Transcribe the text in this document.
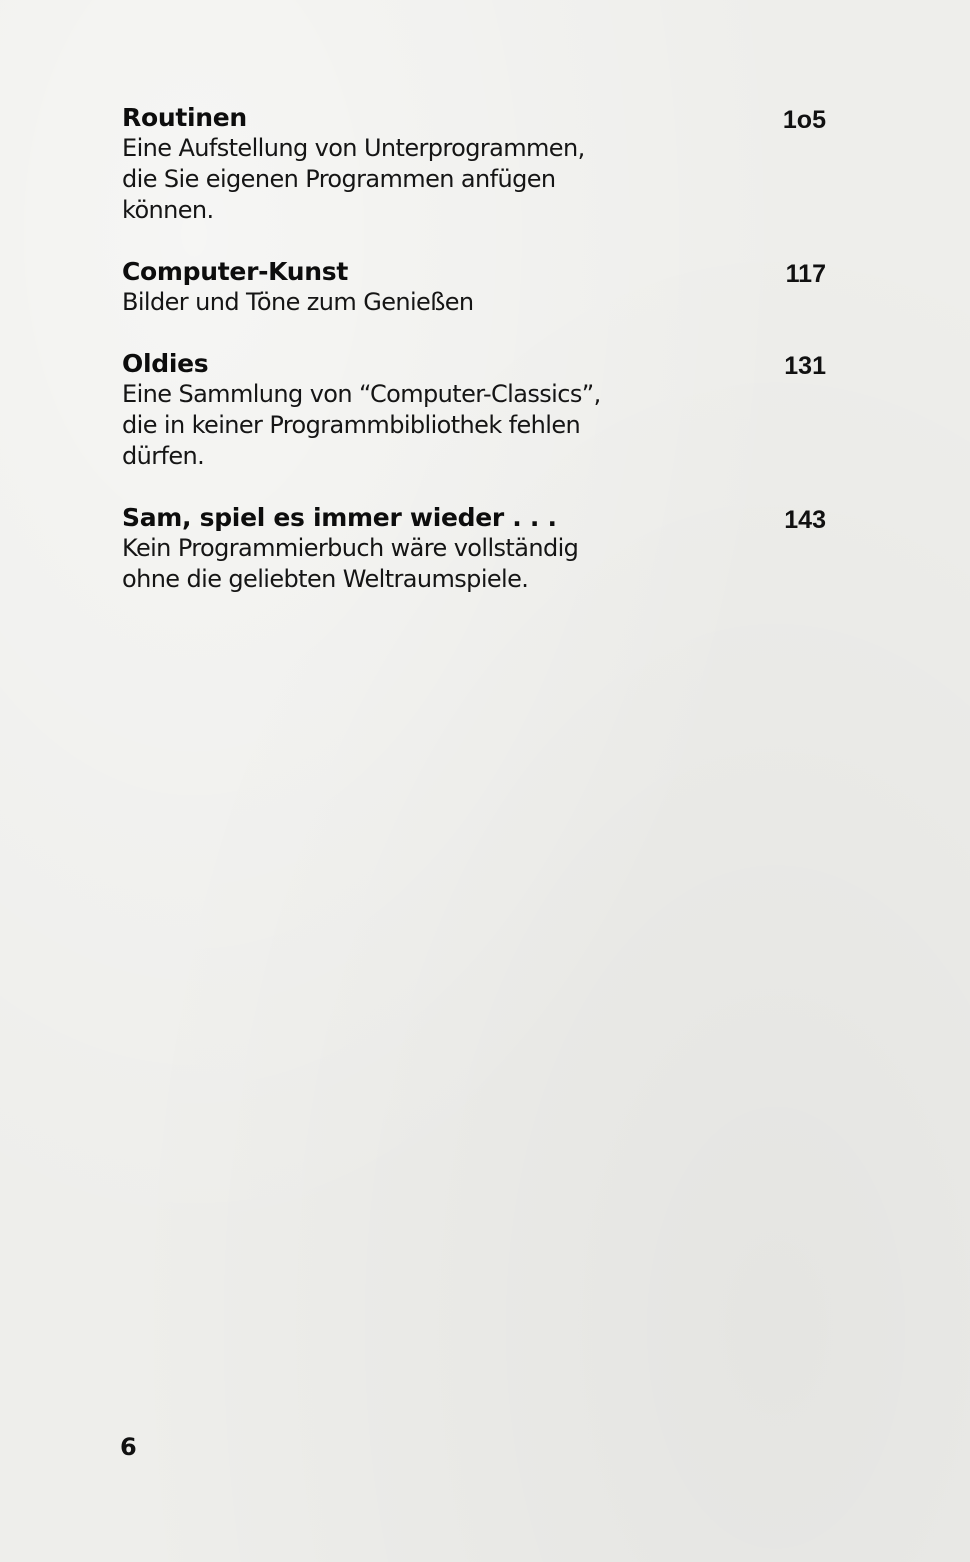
Routinen	1o5
Eine Aufstellung von Unterprogrammen,
die Sie eigenen Programmen anfügen
können.
Computer-Kunst	117
Bilder und Töne zum Genießen
Oldies	131
Eine Sammlung von “Computer-Classics”,
die in keiner Programmbibliothek fehlen
dürfen.
Sam, spiel es immer wieder . . .	143
Kein Programmierbuch wäre vollständig
ohne die geliebten Weltraumspiele.
6
